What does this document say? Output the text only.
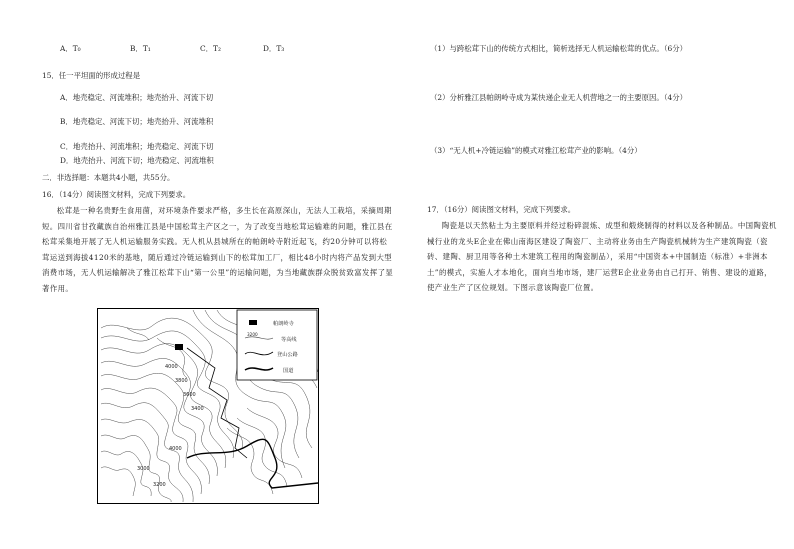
A．T₀	B．T₁	C．T₂	D．T₃
15．任一平坦面的形成过程是
A．地壳稳定、河流堆积；地壳抬升、河流下切
B．地壳稳定、河流下切；地壳抬升、河流堆积
C．地壳抬升、河流堆积；地壳稳定、河流下切
D．地壳抬升、河流下切；地壳稳定、河流堆积
二．非选择题：本题共4小题，共55分。
16．（14分）阅读图文材料，完成下列要求。
松茸是一种名贵野生食用菌，对环境条件要求严格，多生长在高原深山，无法人工栽培，采摘周期短。四川省甘孜藏族自治州雅江县是中国松茸主产区之一，为了改变当地松茸运输难的问题，雅江县在松茸采集地开展了无人机运输服务实践。无人机从县城所在的帕朗岭寺附近起飞，约20分钟可以将松茸运送到海拔4120米的基地，随后通过冷链运输到山下的松茸加工厂，相比48小时内将产品发到大型消费市场，无人机运输解决了雅江松茸下山“第一公里”的运输问题，为当地藏族群众脱贫致富发挥了显著作用。
4000
3800
3600
3400
3000
3200
4000
帕朗岭寺
3200
等高线
登山公路
国道
（1）与跨松茸下山的传统方式相比，简析选择无人机运输松茸的优点。（6分）
（2）分析雅江县帕朗岭寺成为某快递企业无人机营地之一的主要原因。（4分）
（3）“无人机+冷链运输”的模式对雅江松茸产业的影响。（4分）
17．（16分）阅读图文材料，完成下列要求。
陶瓷是以天然粘土为主要原料并经过粉碎混炼、成型和煅烧制得的材料以及各种制品。中国陶瓷机械行业的龙头E企业在佛山南海区建设了陶瓷厂、主动将业务由生产陶瓷机械转为生产建筑陶瓷（瓷砖、建陶、厨卫用等各种土木建筑工程用的陶瓷制品），采用“中国资本+中国制造（标准）+非洲本土”的模式，实施人才本地化，面向当地市场，建厂运营E企业业务由自己打开、销售、建设的道路，使产业生产了区位规划。下图示意该陶瓷厂位置。
